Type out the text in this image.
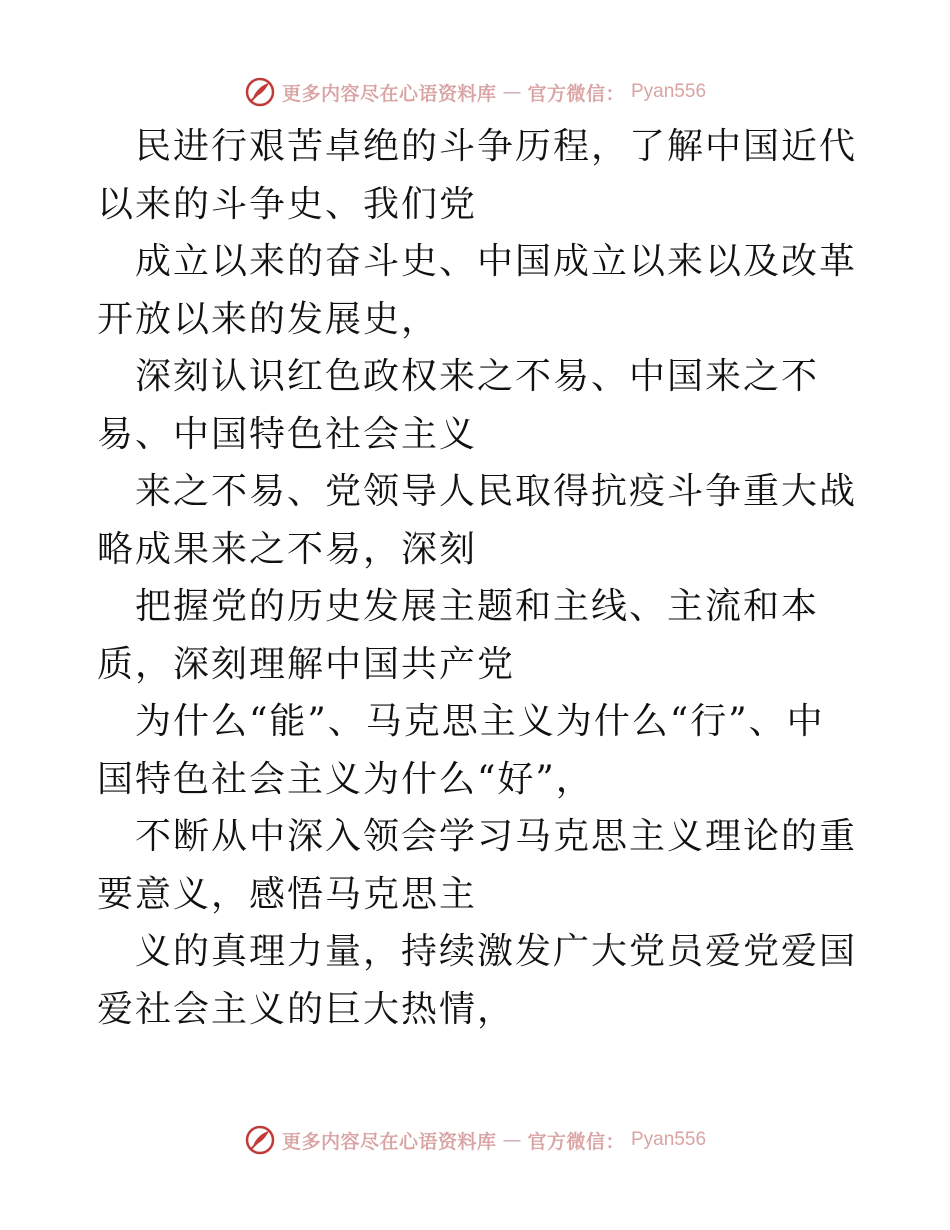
更多内容尽在心语资料库 — 官方微信： Pyan556

民进行艰苦卓绝的斗争历程，了解中国近代以来的斗争史、我们党

成立以来的奋斗史、中国成立以来以及改革开放以来的发展史，

深刻认识红色政权来之不易、中国来之不易、中国特色社会主义

来之不易、党领导人民取得抗疫斗争重大战略成果来之不易，深刻

把握党的历史发展主题和主线、主流和本质，深刻理解中国共产党

为什么“能”、马克思主义为什么“行”、中国特色社会主义为什么“好”，

不断从中深入领会学习马克思主义理论的重要意义，感悟马克思主

义的真理力量，持续激发广大党员爱党爱国爱社会主义的巨大热情，

更多内容尽在心语资料库 — 官方微信： Pyan556
